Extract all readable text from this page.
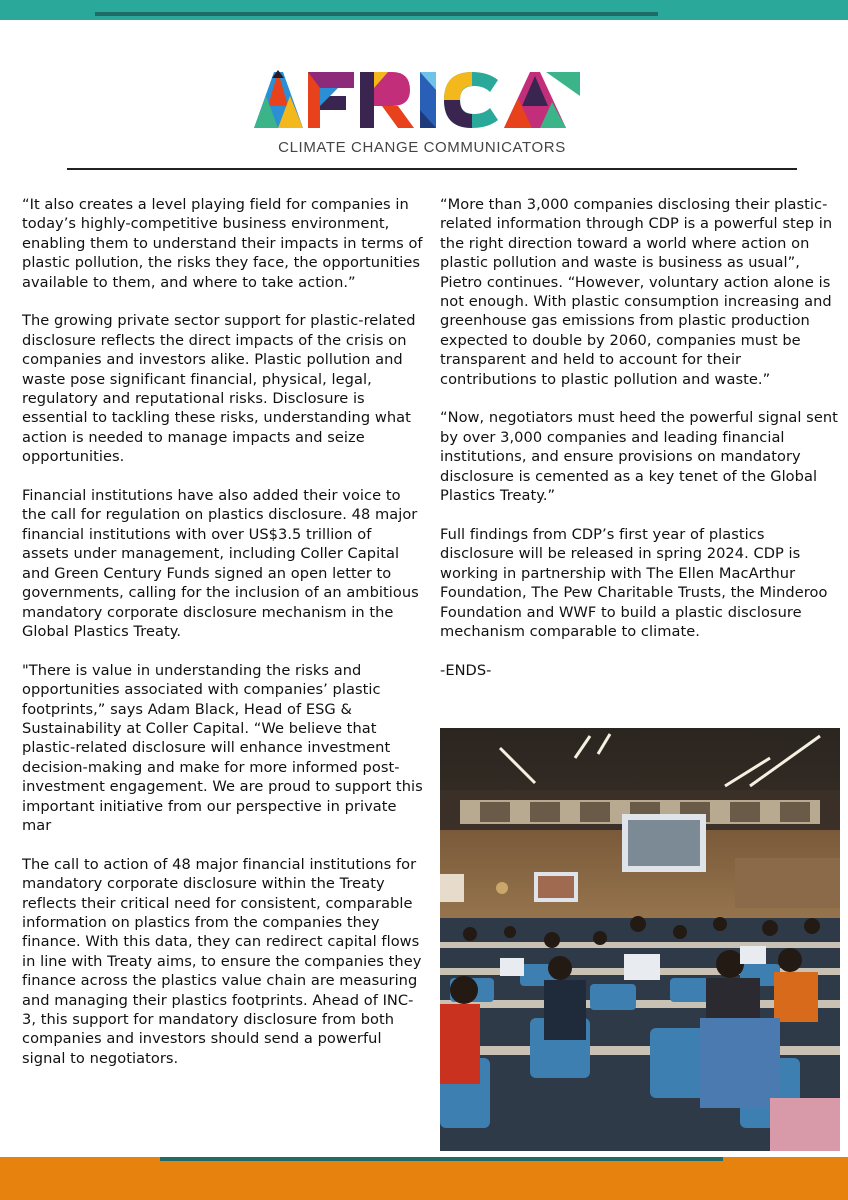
CLIMATE CHANGE COMMUNICATORS

“It also creates a level playing field for companies in
today’s highly-competitive business environment,
enabling them to understand their impacts in terms of
plastic pollution, the risks they face, the opportunities
available to them, and where to take action.”

The growing private sector support for plastic-related
disclosure reflects the direct impacts of the crisis on
companies and investors alike. Plastic pollution and
waste pose significant financial, physical, legal,
regulatory and reputational risks. Disclosure is
essential to tackling these risks, understanding what
action is needed to manage impacts and seize
opportunities.

Financial institutions have also added their voice to
the call for regulation on plastics disclosure. 48 major
financial institutions with over US$3.5 trillion of
assets under management, including Coller Capital
and Green Century Funds signed an open letter to
governments, calling for the inclusion of an ambitious
mandatory corporate disclosure mechanism in the
Global Plastics Treaty.

"There is value in understanding the risks and
opportunities associated with companies’ plastic
footprints,” says Adam Black, Head of ESG &
Sustainability at Coller Capital. “We believe that
plastic-related disclosure will enhance investment
decision-making and make for more informed post-
investment engagement. We are proud to support this
important initiative from our perspective in private
mar

The call to action of 48 major financial institutions for
mandatory corporate disclosure within the Treaty
reflects their critical need for consistent, comparable
information on plastics from the companies they
finance. With this data, they can redirect capital flows
in line with Treaty aims, to ensure the companies they
finance across the plastics value chain are measuring
and managing their plastics footprints. Ahead of INC-
3, this support for mandatory disclosure from both
companies and investors should send a powerful
signal to negotiators.

“More than 3,000 companies disclosing their plastic-
related information through CDP is a powerful step in
the right direction toward a world where action on
plastic pollution and waste is business as usual”,
Pietro continues. “However, voluntary action alone is
not enough. With plastic consumption increasing and
greenhouse gas emissions from plastic production
expected to double by 2060, companies must be
transparent and held to account for their
contributions to plastic pollution and waste.”

“Now, negotiators must heed the powerful signal sent
by over 3,000 companies and leading financial
institutions, and ensure provisions on mandatory
disclosure is cemented as a key tenet of the Global
Plastics Treaty.”

Full findings from CDP’s first year of plastics
disclosure will be released in spring 2024. CDP is
working in partnership with The Ellen MacArthur
Foundation, The Pew Charitable Trusts, the Minderoo
Foundation and WWF to build a plastic disclosure
mechanism comparable to climate.

-ENDS-
